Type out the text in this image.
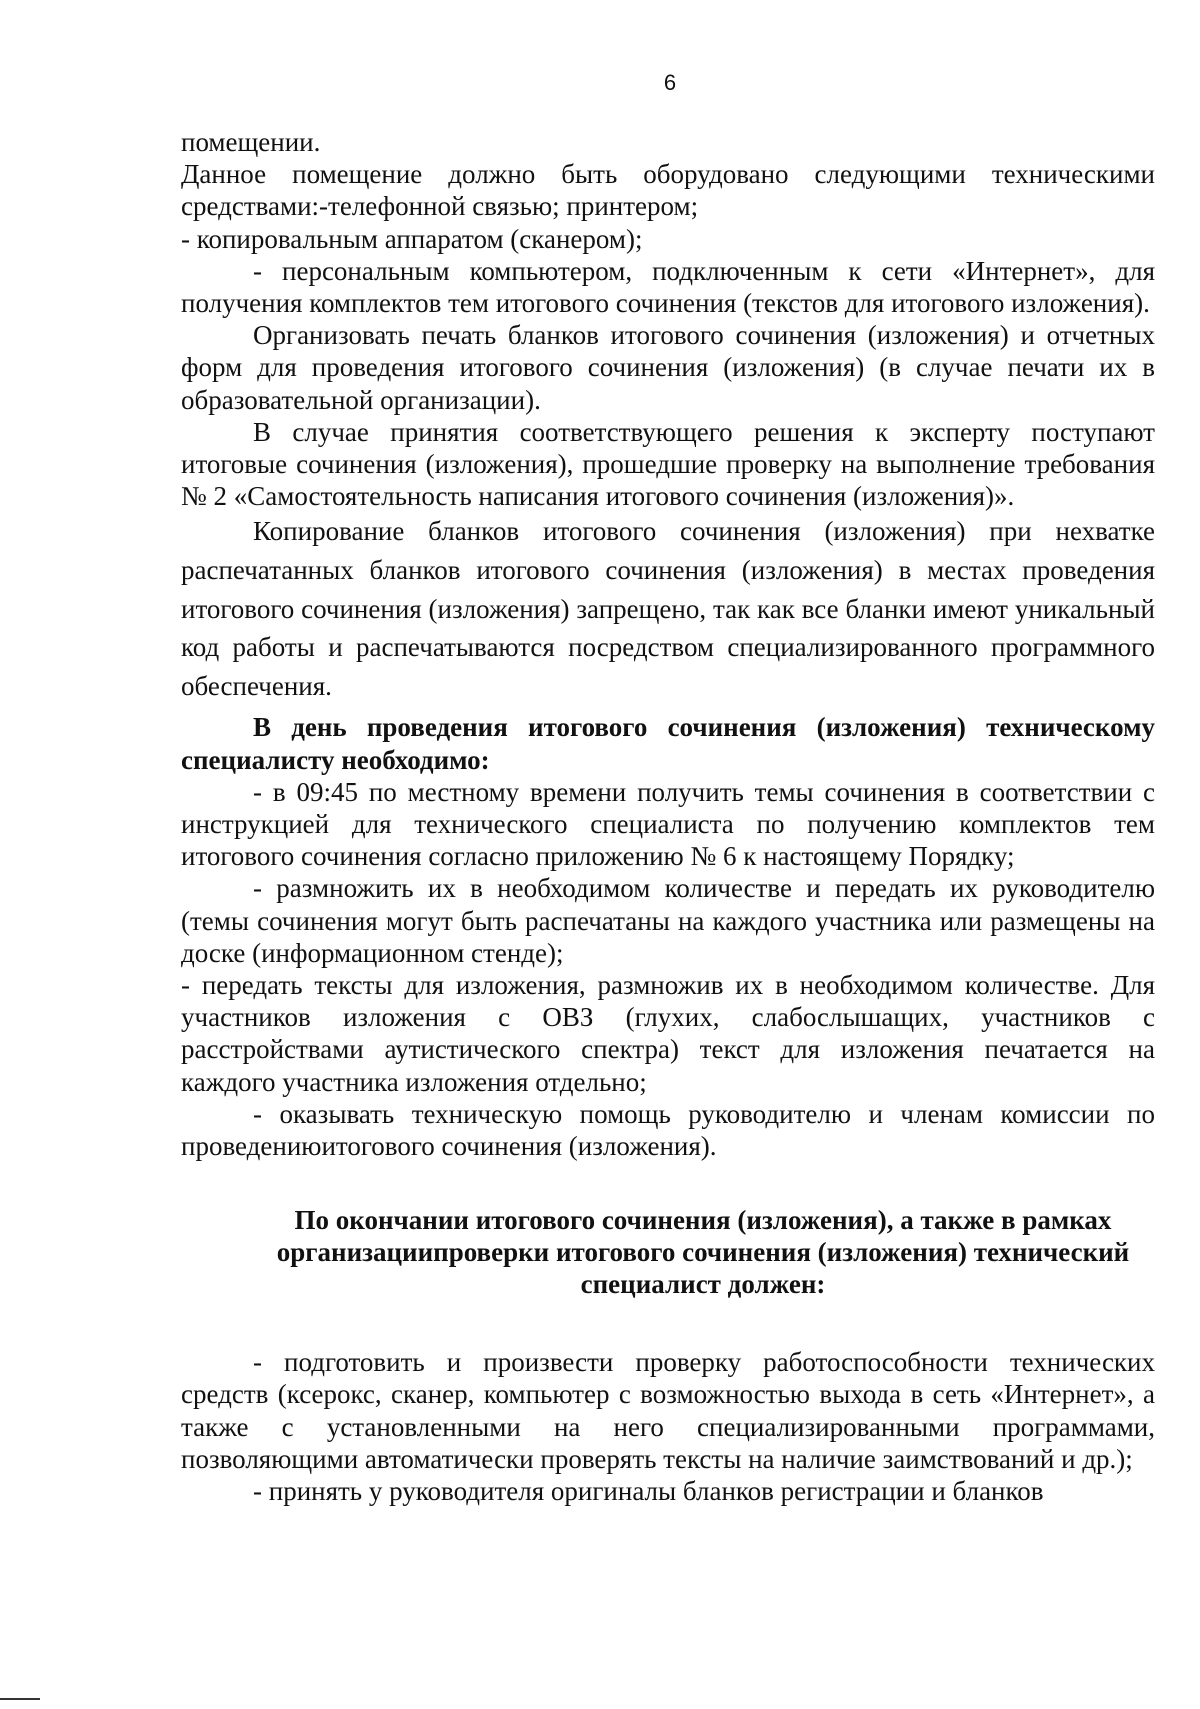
6

помещении.

Данное помещение должно быть оборудовано следующими техническими средствами:-телефонной связью; принтером;

- копировальным аппаратом (сканером);

- персональным компьютером, подключенным к сети «Интернет», для получения комплектов тем итогового сочинения (текстов для итогового изложения).

Организовать печать бланков итогового сочинения (изложения) и отчетных форм для проведения итогового сочинения (изложения) (в случае печати их в образовательной организации).

В случае принятия соответствующего решения к эксперту поступают итоговые сочинения (изложения), прошедшие проверку на выполнение требования № 2 «Самостоятельность написания итогового сочинения (изложения)».

Копирование бланков итогового сочинения (изложения) при нехватке распечатанных бланков итогового сочинения (изложения) в местах проведения итогового сочинения (изложения) запрещено, так как все бланки имеют уникальный код работы и распечатываются посредством специализированного программного обеспечения.

В день проведения итогового сочинения (изложения) техническому специалисту необходимо:

- в 09:45 по местному времени получить темы сочинения в соответствии с инструкцией для технического специалиста по получению комплектов тем итогового сочинения согласно приложению № 6 к настоящему Порядку;

- размножить их в необходимом количестве и передать их руководителю (темы сочинения могут быть распечатаны на каждого участника или размещены на доске (информационном стенде);

- передать тексты для изложения, размножив их в необходимом количестве. Для участников изложения с ОВЗ (глухих, слабослышащих, участников с расстройствами аутистического спектра) текст для изложения печатается на каждого участника изложения отдельно;

- оказывать техническую помощь руководителю и членам комиссии по проведениюитогового сочинения (изложения).

По окончании итогового сочинения (изложения), а также в рамках
организациипроверки итогового сочинения (изложения) технический
специалист должен:

- подготовить и произвести проверку работоспособности технических средств (ксерокс, сканер, компьютер с возможностью выхода в сеть «Интернет», а также с установленными на него специализированными программами, позволяющими автоматически проверять тексты на наличие заимствований и др.);

- принять у руководителя оригиналы бланков регистрации и бланков
